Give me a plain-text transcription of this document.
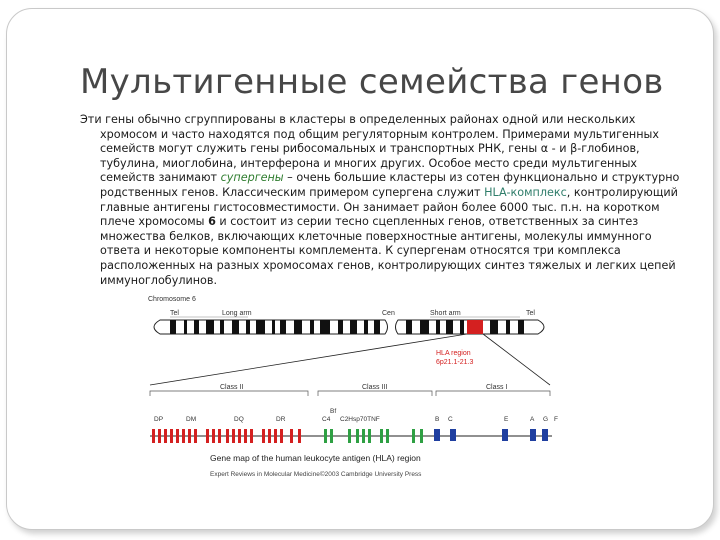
Мультигенные семейства генов

Эти гены обычно сгруппированы в кластеры в определенных районах одной или нескольких хромосом и часто находятся под общим регуляторным контролем. Примерами мультигенных семейств могут служить гены рибосомальных и транспортных РНК, гены α - и β-глобинов, тубулина, миоглобина, интерферона и многих других. Особое место среди мультигенных семейств занимают супергены – очень большие кластеры из сотен функционально и структурно родственных генов. Классическим примером супергена служит HLA-комплекс, контролирующий главные антигены гистосовместимости. Он занимает район более 6000 тыс. п.н. на коротком плече хромосомы 6 и состоит из серии тесно сцепленных генов, ответственных за синтез множества белков, включающих клеточные поверхностные антигены, молекулы иммунного ответа и некоторые компоненты комплемента. К супергенам относятся три комплекса расположенных на разных хромосомах генов, контролирующих синтез тяжелых и легких цепей иммуноглобулинов.

Chromosome 6
Tel	Long arm	Cen	Short arm	Tel
HLA region
6p21.1-21.3
Class II	Class III	Class I
DP	DM	DQ	DR
Bf
C4 C2Hsp70TNF	B C	E	A G F
Gene map of the human leukocyte antigen (HLA) region
Expert Reviews in Molecular Medicine©2003 Cambridge University Press
